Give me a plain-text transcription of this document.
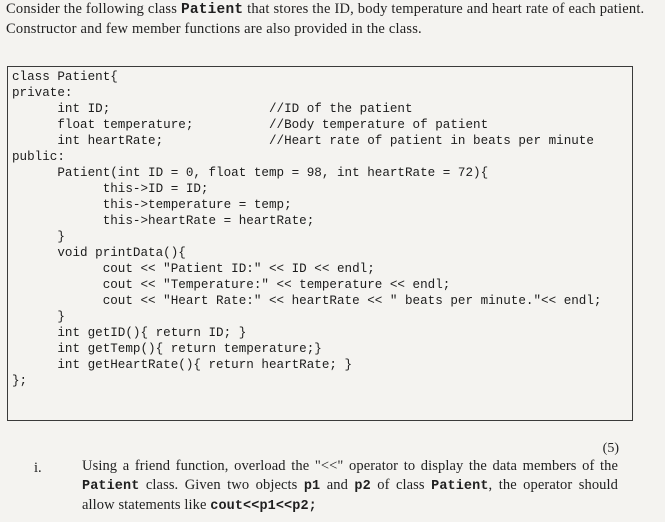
Consider the following class Patient that stores the ID, body temperature and heart rate of each patient. Constructor and few member functions are also provided in the class.
class Patient{
private:
int ID;                     //ID of the patient
float temperature;          //Body temperature of patient
int heartRate;              //Heart rate of patient in beats per minute
public:
Patient(int ID = 0, float temp = 98, int heartRate = 72){
this->ID = ID;
this->temperature = temp;
this->heartRate = heartRate;
}
void printData(){
cout << "Patient ID:" << ID << endl;
cout << "Temperature:" << temperature << endl;
cout << "Heart Rate:" << heartRate << " beats per minute."<< endl;
}
int getID(){ return ID; }
int getTemp(){ return temperature;}
int getHeartRate(){ return heartRate; }
};
(5)
i.	Using a friend function, overload the "<<" operator to display the data members of the Patient class. Given two objects p1 and p2 of class Patient, the operator should allow statements like cout<<p1<<p2;
